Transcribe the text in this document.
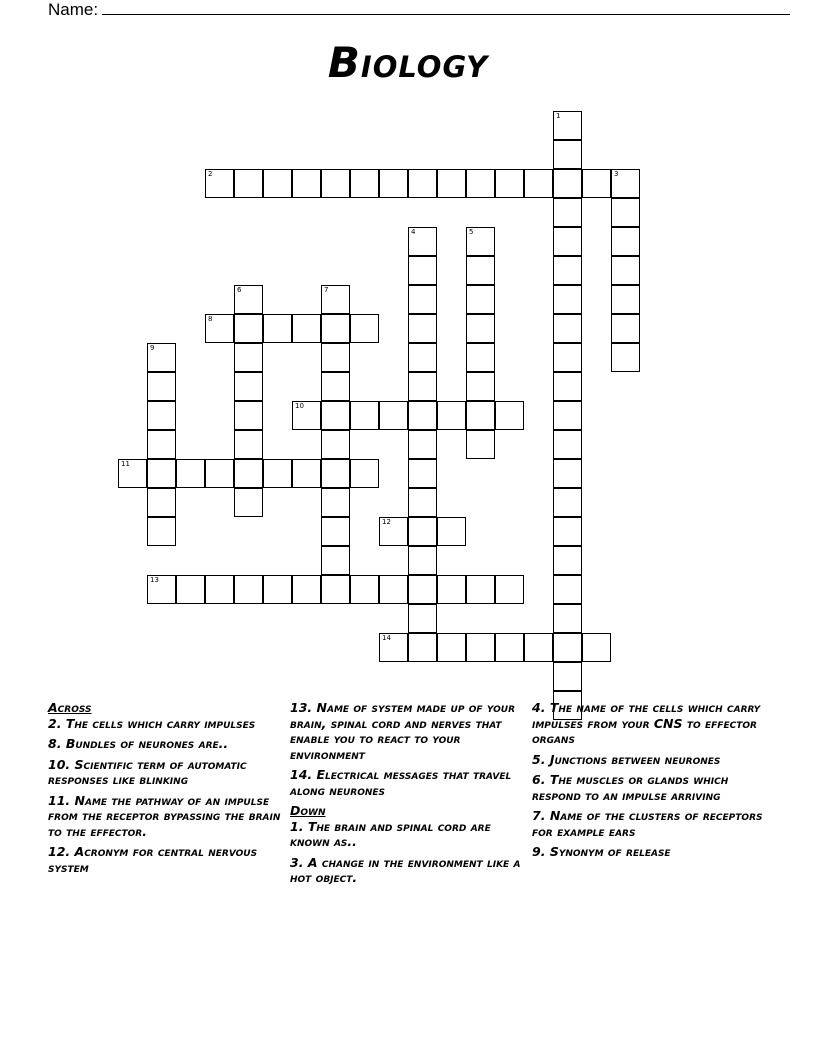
Name:
Biology
1
2	3
4	5
6	7
8
9
10
11
12
13
14
Across
2. The cells which carry impulses
8. Bundles of neurones are..
10. Scientific term of automatic responses like blinking
11. Name the pathway of an impulse from the receptor bypassing the brain to the effector.
12. Acronym for central nervous system
13. Name of system made up of your brain, spinal cord and nerves that enable you to react to your environment
14. Electrical messages that travel along neurones
Down
1. The brain and spinal cord are known as..
3. A change in the environment like a hot object.
4. The name of the cells which carry impulses from your CNS to effector organs
5. Junctions between neurones
6. The muscles or glands which respond to an impulse arriving
7. Name of the clusters of receptors for example ears
9. Synonym of release
